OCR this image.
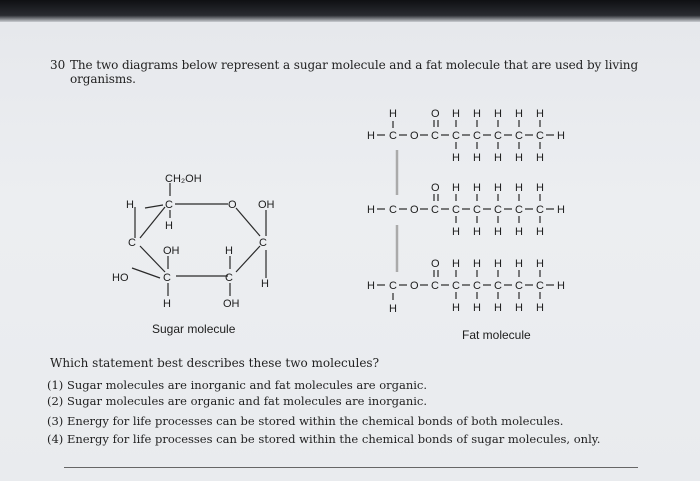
30 The two diagrams below represent a sugar molecule and a fat molecule that are used by living organisms.
CH₂OH
H	C	O OH
H
C	C
OH	H
HO	C	C	H
H	OH
Sugar molecule	Fat molecule
H C O C C C C C C H
O H H H H H
H H H H H
H C O C C C C C C H
O H H H H H
H H H H H
H C O C C C C C C H
O H H H H H
H H H H H
H
H
Which statement best describes these two molecules?
(1) Sugar molecules are inorganic and fat molecules are organic.
(2) Sugar molecules are organic and fat molecules are inorganic.
(3) Energy for life processes can be stored within the chemical bonds of both molecules.
(4) Energy for life processes can be stored within the chemical bonds of sugar molecules, only.
